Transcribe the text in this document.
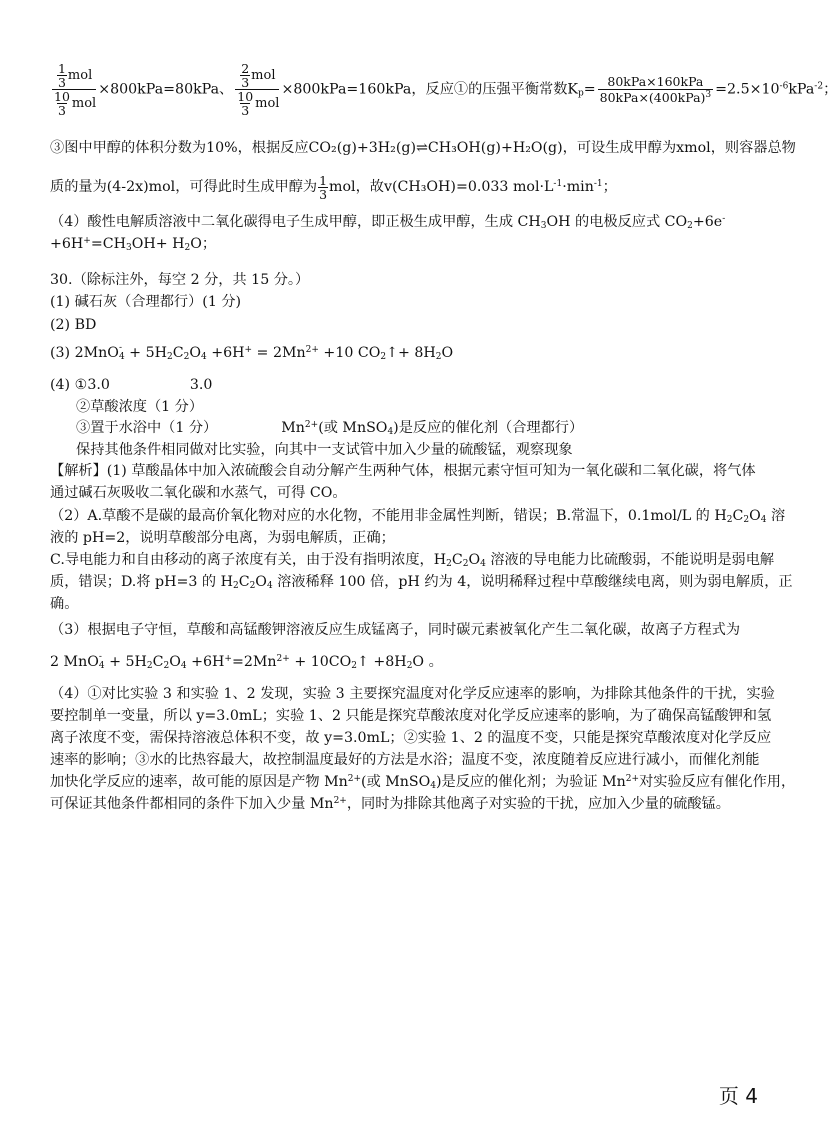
$\frac{\frac{1}{3} mol}{\frac{10}{3} mol} \times 800kPa=80kPa$、 $\frac{\frac{2}{3} mol}{\frac{10}{3} mol} \times 800kPa=160kPa$，反应①的压强平衡常数$K_p= \frac{\text{80kPa×160kPa}}{80kPa\times(400kPa)^3} =2.5\times 10^{-6}kPa^{-2}$；
③图中甲醇的体积分数为10%，根据反应CO₂(g)+3H₂(g)⇌CH₃OH(g)+H₂O(g)，可设生成甲醇为xmol，则容器总物
质的量为(4-2x)mol，可得此时生成甲醇为 $\frac{1}{3}$ mol，故v(CH₃OH)=0.033 $mol\cdot L^{-1}\cdot\min^{-1}$；
（4）酸性电解质溶液中二氧化碳得电子生成甲醇，即正极生成甲醇，生成 $CH_3OH$ 的电极反应式 $CO_2+6e^-$
$+6H^+=CH_3OH+ H_2O$；
30.（除标注外，每空 2 分，共 15 分。）
(1) 碱石灰（合理都行）(1 分)
(2) BD
(3) 2MnO -
$4 + 5H_2C_2O_4 +6H^+ = 2Mn^{2+} +10$ $CO_2↑+ 8H_2O$
(4) ①3.0	3.0
②草酸浓度（1 分）
③置于水浴中（1 分）	$Mn^{2+}$(或 MnSO$_4$)是反应的催化剂（合理都行）
保持其他条件相同做对比实验，向其中一支试管中加入少量的硫酸锰，观察现象
【解析】(1) 草酸晶体中加入浓硫酸会自动分解产生两种气体，根据元素守恒可知为一氧化碳和二氧化碳，将气体
通过碱石灰吸收二氧化碳和水蒸气，可得 CO。
（2）A.草酸不是碳的最高价氧化物对应的水化物，不能用非金属性判断，错误；B.常温下，0.1mol/L 的 $H_2C_2O_4$ 溶
液的 pH=2，说明草酸部分电离，为弱电解质，正确；
C.导电能力和自由移动的离子浓度有关，由于没有指明浓度，$H_2C_2O_4$ 溶液的导电能力比硫酸弱，不能说明是弱电解
质，错误；D.将 pH=3 的 $H_2C_2O_4$ 溶液稀释 100 倍，pH 约为 4，说明稀释过程中草酸继续电离，则为弱电解质，正
确。
（3）根据电子守恒，草酸和高锰酸钾溶液反应生成锰离子，同时碳元素被氧化产生二氧化碳，故离子方程式为
2 MnO -
$4 + 5H_2C_2O_4 +6H^+=2Mn^{2+}$ + $10CO_2↑ +8H_2O$ 。
（4）①对比实验 3 和实验 1、2 发现，实验 3 主要探究温度对化学反应速率的影响，为排除其他条件的干扰，实验
要控制单一变量，所以 y=3.0mL；实验 1、2 只能是探究草酸浓度对化学反应速率的影响，为了确保高锰酸钾和氢
离子浓度不变，需保持溶液总体积不变，故 y=3.0mL；②实验 1、2 的温度不变，只能是探究草酸浓度对化学反应
速率的影响；③水的比热容最大，故控制温度最好的方法是水浴；温度不变，浓度随着反应进行减小，而催化剂能
加快化学反应的速率，故可能的原因是产物 $Mn^{2+}$(或 MnSO$_4$)是反应的催化剂；为验证 $Mn^{2+}$对实验反应有催化作用，
可保证其他条件都相同的条件下加入少量 $Mn^{2+}$，同时为排除其他离子对实验的干扰，应加入少量的硫酸锰。
页 4
